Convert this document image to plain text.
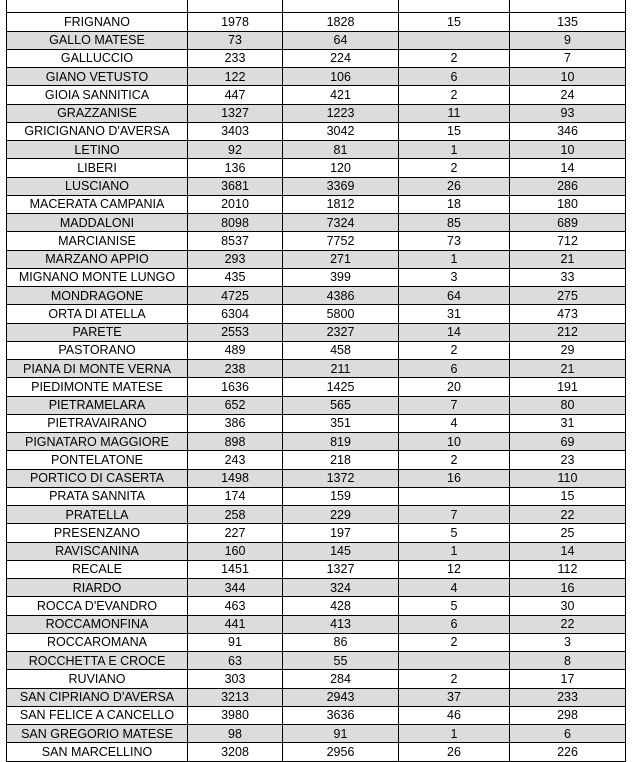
FRIGNANO	1978	1828	15	135
GALLO MATESE	73	64		9
GALLUCCIO	233	224	2	7
GIANO VETUSTO	122	106	6	10
GIOIA SANNITICA	447	421	2	24
GRAZZANISE	1327	1223	11	93
GRICIGNANO D'AVERSA	3403	3042	15	346
LETINO	92	81	1	10
LIBERI	136	120	2	14
LUSCIANO	3681	3369	26	286
MACERATA CAMPANIA	2010	1812	18	180
MADDALONI	8098	7324	85	689
MARCIANISE	8537	7752	73	712
MARZANO APPIO	293	271	1	21
MIGNANO MONTE LUNGO	435	399	3	33
MONDRAGONE	4725	4386	64	275
ORTA DI ATELLA	6304	5800	31	473
PARETE	2553	2327	14	212
PASTORANO	489	458	2	29
PIANA DI MONTE VERNA	238	211	6	21
PIEDIMONTE MATESE	1636	1425	20	191
PIETRAMELARA	652	565	7	80
PIETRAVAIRANO	386	351	4	31
PIGNATARO MAGGIORE	898	819	10	69
PONTELATONE	243	218	2	23
PORTICO DI CASERTA	1498	1372	16	110
PRATA SANNITA	174	159		15
PRATELLA	258	229	7	22
PRESENZANO	227	197	5	25
RAVISCANINA	160	145	1	14
RECALE	1451	1327	12	112
RIARDO	344	324	4	16
ROCCA D'EVANDRO	463	428	5	30
ROCCAMONFINA	441	413	6	22
ROCCAROMANA	91	86	2	3
ROCCHETTA E CROCE	63	55		8
RUVIANO	303	284	2	17
SAN CIPRIANO D'AVERSA	3213	2943	37	233
SAN FELICE A CANCELLO	3980	3636	46	298
SAN GREGORIO MATESE	98	91	1	6
SAN MARCELLINO	3208	2956	26	226
